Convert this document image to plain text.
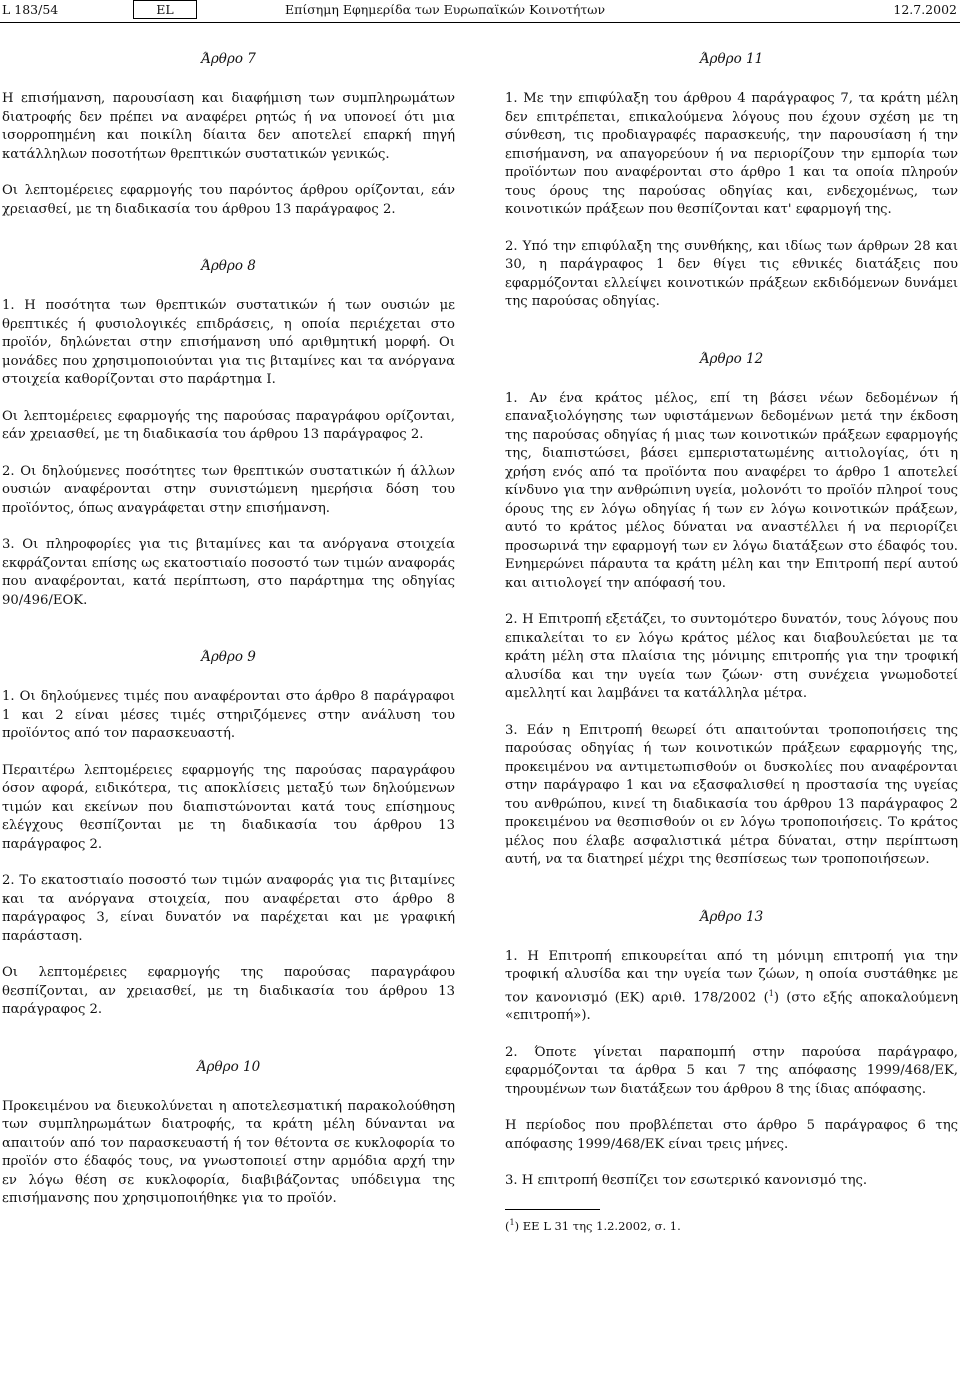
L 183/54	EL	Επίσημη Εφημερίδα των Ευρωπαϊκών Κοινοτήτων	12.7.2002
Άρθρο 7

Η επισήμανση, παρουσίαση και διαφήμιση των συμπληρωμάτων διατροφής δεν πρέπει να αναφέρει ρητώς ή να υπονοεί ότι μια ισορροπημένη και ποικίλη δίαιτα δεν αποτελεί επαρκή πηγή κατάλληλων ποσοτήτων θρεπτικών συστατικών γενικώς.

Οι λεπτομέρειες εφαρμογής του παρόντος άρθρου ορίζονται, εάν χρειασθεί, με τη διαδικασία του άρθρου 13 παράγραφος 2.

Άρθρο 8

1. Η ποσότητα των θρεπτικών συστατικών ή των ουσιών με θρεπτικές ή φυσιολογικές επιδράσεις, η οποία περιέχεται στο προϊόν, δηλώνεται στην επισήμανση υπό αριθμητική μορφή. Οι μονάδες που χρησιμοποιούνται για τις βιταμίνες και τα ανόργανα στοιχεία καθορίζονται στο παράρτημα I.

Οι λεπτομέρειες εφαρμογής της παρούσας παραγράφου ορίζονται, εάν χρειασθεί, με τη διαδικασία του άρθρου 13 παράγραφος 2.

2. Οι δηλούμενες ποσότητες των θρεπτικών συστατικών ή άλλων ουσιών αναφέρονται στην συνιστώμενη ημερήσια δόση του προϊόντος, όπως αναγράφεται στην επισήμανση.

3. Οι πληροφορίες για τις βιταμίνες και τα ανόργανα στοιχεία εκφράζονται επίσης ως εκατοστιαίο ποσοστό των τιμών αναφοράς που αναφέρονται, κατά περίπτωση, στο παράρτημα της οδηγίας 90/496/ΕΟΚ.

Άρθρο 9

1. Οι δηλούμενες τιμές που αναφέρονται στο άρθρο 8 παράγραφοι 1 και 2 είναι μέσες τιμές στηριζόμενες στην ανάλυση του προϊόντος από τον παρασκευαστή.

Περαιτέρω λεπτομέρειες εφαρμογής της παρούσας παραγράφου όσον αφορά, ειδικότερα, τις αποκλίσεις μεταξύ των δηλούμενων τιμών και εκείνων που διαπιστώνονται κατά τους επίσημους ελέγχους θεσπίζονται με τη διαδικασία του άρθρου 13 παράγραφος 2.

2. Το εκατοστιαίο ποσοστό των τιμών αναφοράς για τις βιταμίνες και τα ανόργανα στοιχεία, που αναφέρεται στο άρθρο 8 παράγραφος 3, είναι δυνατόν να παρέχεται και με γραφική παράσταση.

Οι λεπτομέρειες εφαρμογής της παρούσας παραγράφου θεσπίζονται, αν χρειασθεί, με τη διαδικασία του άρθρου 13 παράγραφος 2.

Άρθρο 10

Προκειμένου να διευκολύνεται η αποτελεσματική παρακολούθηση των συμπληρωμάτων διατροφής, τα κράτη μέλη δύνανται να απαιτούν από τον παρασκευαστή ή τον θέτοντα σε κυκλοφορία το προϊόν στο έδαφός τους, να γνωστοποιεί στην αρμόδια αρχή την εν λόγω θέση σε κυκλοφορία, διαβιβάζοντας υπόδειγμα της επισήμανσης που χρησιμοποιήθηκε για το προϊόν.

Άρθρο 11

1. Με την επιφύλαξη του άρθρου 4 παράγραφος 7, τα κράτη μέλη δεν επιτρέπεται, επικαλούμενα λόγους που έχουν σχέση με τη σύνθεση, τις προδιαγραφές παρασκευής, την παρουσίαση ή την επισήμανση, να απαγορεύουν ή να περιορίζουν την εμπορία των προϊόντων που αναφέρονται στο άρθρο 1 και τα οποία πληρούν τους όρους της παρούσας οδηγίας και, ενδεχομένως, των κοινοτικών πράξεων που θεσπίζονται κατ' εφαρμογή της.

2. Υπό την επιφύλαξη της συνθήκης, και ιδίως των άρθρων 28 και 30, η παράγραφος 1 δεν θίγει τις εθνικές διατάξεις που εφαρμόζονται ελλείψει κοινοτικών πράξεων εκδιδόμενων δυνάμει της παρούσας οδηγίας.

Άρθρο 12

1. Αν ένα κράτος μέλος, επί τη βάσει νέων δεδομένων ή επαναξιολόγησης των υφιστάμενων δεδομένων μετά την έκδοση της παρούσας οδηγίας ή μιας των κοινοτικών πράξεων εφαρμογής της, διαπιστώσει, βάσει εμπεριστατωμένης αιτιολογίας, ότι η χρήση ενός από τα προϊόντα που αναφέρει το άρθρο 1 αποτελεί κίνδυνο για την ανθρώπινη υγεία, μολονότι το προϊόν πληροί τους όρους της εν λόγω οδηγίας ή των εν λόγω κοινοτικών πράξεων, αυτό το κράτος μέλος δύναται να αναστέλλει ή να περιορίζει προσωρινά την εφαρμογή των εν λόγω διατάξεων στο έδαφός του. Ενημερώνει πάραυτα τα κράτη μέλη και την Επιτροπή περί αυτού και αιτιολογεί την απόφασή του.

2. Η Επιτροπή εξετάζει, το συντομότερο δυνατόν, τους λόγους που επικαλείται το εν λόγω κράτος μέλος και διαβουλεύεται με τα κράτη μέλη στα πλαίσια της μόνιμης επιτροπής για την τροφική αλυσίδα και την υγεία των ζώων· στη συνέχεια γνωμοδοτεί αμελλητί και λαμβάνει τα κατάλληλα μέτρα.

3. Εάν η Επιτροπή θεωρεί ότι απαιτούνται τροποποιήσεις της παρούσας οδηγίας ή των κοινοτικών πράξεων εφαρμογής της, προκειμένου να αντιμετωπισθούν οι δυσκολίες που αναφέρονται στην παράγραφο 1 και να εξασφαλισθεί η προστασία της υγείας του ανθρώπου, κινεί τη διαδικασία του άρθρου 13 παράγραφος 2 προκειμένου να θεσπισθούν οι εν λόγω τροποποιήσεις. Το κράτος μέλος που έλαβε ασφαλιστικά μέτρα δύναται, στην περίπτωση αυτή, να τα διατηρεί μέχρι της θεσπίσεως των τροποποιήσεων.

Άρθρο 13

1. Η Επιτροπή επικουρείται από τη μόνιμη επιτροπή για την τροφική αλυσίδα και την υγεία των ζώων, η οποία συστάθηκε με τον κανονισμό (ΕΚ) αριθ. 178/2002 ($^1$) (στο εξής αποκαλούμενη «επιτροπή»).

2. Όποτε γίνεται παραπομπή στην παρούσα παράγραφο, εφαρμόζονται τα άρθρα 5 και 7 της απόφασης 1999/468/ΕΚ, τηρουμένων των διατάξεων του άρθρου 8 της ίδιας απόφασης.

Η περίοδος που προβλέπεται στο άρθρο 5 παράγραφος 6 της απόφασης 1999/468/ΕΚ είναι τρεις μήνες.

3. Η επιτροπή θεσπίζει τον εσωτερικό κανονισμό της.

($^1$) ΕΕ L 31 της 1.2.2002, σ. 1.
